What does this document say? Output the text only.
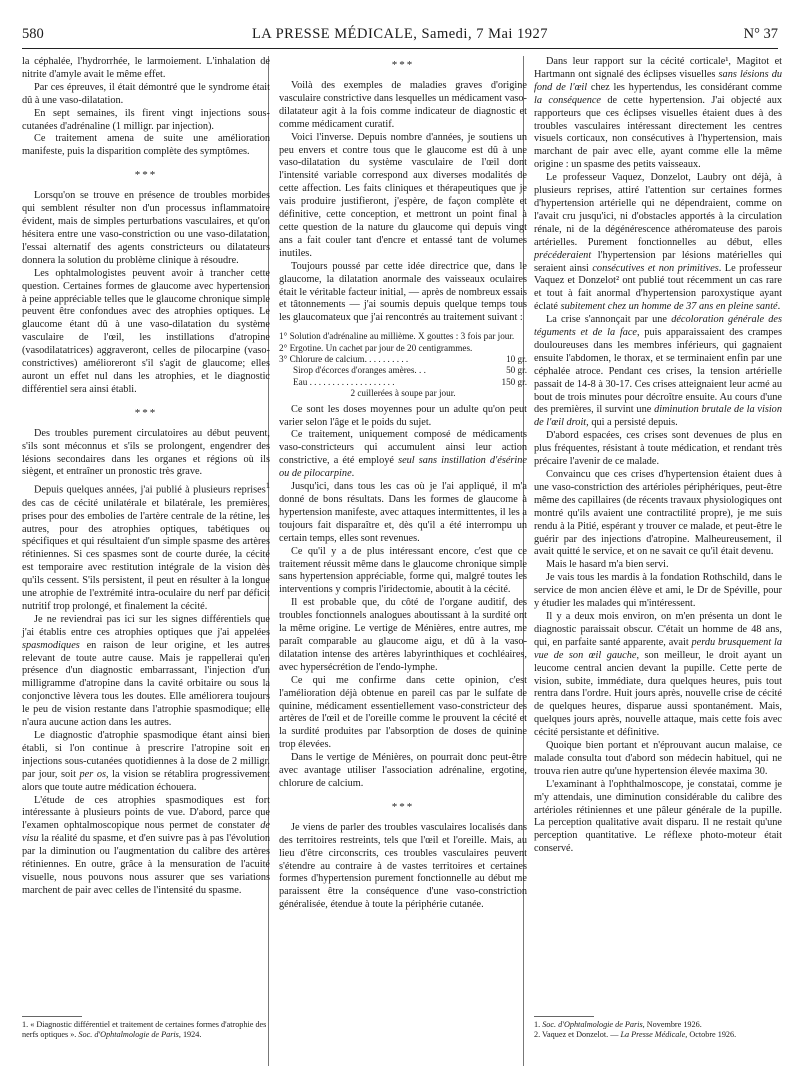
580	LA PRESSE MÉDICALE, Samedi, 7 Mai 1927	N° 37

la céphalée, l'hydrorrhée, le larmoiement. L'inhalation de nitrite d'amyle avait le même effet.

Par ces épreuves, il était démontré que le syndrome était dû à une vaso-dilatation.

En sept semaines, ils firent vingt injections sous-cutanées d'adrénaline (1 milligr. par injection).

Ce traitement amena de suite une amélioration manifeste, puis la disparition complète des symptômes.

***

Lorsqu'on se trouve en présence de troubles morbides qui semblent résulter non d'un processus inflammatoire évident, mais de simples perturbations vasculaires, et qu'on hésitera entre une vaso-constriction ou une vaso-dilatation, l'essai alternatif des agents constricteurs ou dilatateurs donnera la solution du problème clinique à résoudre.

Les ophtalmologistes peuvent avoir à trancher cette question. Certaines formes de glaucome avec hypertension à peine appréciable telles que le glaucome chronique simple peuvent être confondues avec des atrophies optiques. Le glaucome étant dû à une vaso-dilatation du système vasculaire de l'œil, les instillations d'atropine (vasodilatatrices) aggraveront, celles de pilocarpine (vaso-constrictives) amélioreront s'il s'agit de glaucome; elles auront un effet nul dans les atrophies, et le diagnostic différentiel sera ainsi établi.

***

Des troubles purement circulatoires au début peuvent, s'ils sont méconnus et s'ils se prolongent, engendrer des lésions secondaires dans les organes et régions où ils siègent, et entraîner un pronostic très grave.

Depuis quelques années, j'ai publié à plusieurs reprises$^1$ des cas de cécité unilatérale et bilatérale, les premières, prises pour des embolies de l'artère centrale de la rétine, les autres, pour des atrophies optiques, tabétiques ou spécifiques et qui résultaient d'un simple spasme des artères rétiniennes. Si ces spasmes sont de courte durée, la cécité est temporaire avec restitution intégrale de la vision dès qu'ils cessent. S'ils persistent, il peut en résulter à la longue une atrophie de l'extrémité intra-oculaire du nerf par déficit nutritif trop prolongé, et finalement la cécité.

Je ne reviendrai pas ici sur les signes différentiels que j'ai établis entre ces atrophies optiques que j'ai appelées spasmodiques en raison de leur origine, et les autres relevant de toute autre cause. Mais je rappellerai qu'en présence d'un diagnostic embarrassant, l'injection d'un milligramme d'atropine dans la cavité orbitaire ou sous la conjonctive lèvera tous les doutes. Elle améliorera toujours le peu de vision restante dans l'atrophie spasmodique; elle n'aura aucune action dans les autres.

Le diagnostic d'atrophie spasmodique étant ainsi bien établi, si l'on continue à prescrire l'atropine soit en injections sous-cutanées quotidiennes à la dose de 2 milligr. par jour, soit per os, la vision se rétablira progressivement alors que toute autre médication échouera.

L'étude de ces atrophies spasmodiques est fort intéressante à plusieurs points de vue. D'abord, parce que l'examen ophtalmoscopique nous permet de constater de visu la réalité du spasme, et d'en suivre pas à pas l'évolution par la diminution ou l'augmentation du calibre des artères rétiniennes. En outre, grâce à la mensuration de l'acuité visuelle, nous pouvons nous assurer que ses variations marchent de pair avec celles de l'intensité du spasme.

1. « Diagnostic différentiel et traitement de certaines formes d'atrophie des nerfs optiques ». Soc. d'Ophtalmologie de Paris, 1924.
***

Voilà des exemples de maladies graves d'origine vasculaire constrictive dans lesquelles un médicament vaso-dilatateur agit à la fois comme indicateur de diagnostic et comme médicament curatif.

Voici l'inverse. Depuis nombre d'années, je soutiens un peu envers et contre tous que le glaucome est dû à une vaso-dilatation du système vasculaire de l'œil dont l'intensité variable correspond aux diverses modalités de cette affection. Les faits cliniques et thérapeutiques que je vais produire justifieront, j'espère, de façon complète et définitive, cette conception, et mettront un point final à cette question de la nature du glaucome qui depuis vingt ans a fait couler tant d'encre et entassé tant de volumes inutiles.

Toujours poussé par cette idée directrice que, dans le glaucome, la dilatation anormale des vaisseaux oculaires était le véritable facteur initial, — après de nombreux essais et tâtonnements — j'ai soumis depuis quelque temps tous les glaucomateux que j'ai rencontrés au traitement suivant :

1° Solution d'adrénaline au millième. X gouttes : 3 fois par jour.
2° Ergotine. Un cachet par jour de 20 centigrammes.
3° Chlorure de calcium. . . . . . . . . .	10 gr.
Sirop d'écorces d'oranges amères. . .	50 gr.
Eau . . . . . . . . . . . . . . . . . . .	150 gr.
2 cuillerées à soupe par jour.

Ce sont les doses moyennes pour un adulte qu'on peut varier selon l'âge et le poids du sujet.

Ce traitement, uniquement composé de médicaments vaso-constricteurs qui accumulent ainsi leur action constrictive, a été employé seul sans instillation d'ésérine ou de pilocarpine.

Jusqu'ici, dans tous les cas où je l'ai appliqué, il m'a donné de bons résultats. Dans les formes de glaucome à hypertension manifeste, avec attaques intermittentes, il les a toujours fait disparaître et, dès qu'il a été interrompu un certain temps, elles sont revenues.

Ce qu'il y a de plus intéressant encore, c'est que ce traitement réussit même dans le glaucome chronique simple sans hypertension appréciable, forme qui, malgré toutes les interventions y compris l'iridectomie, aboutit à la cécité.

Il est probable que, du côté de l'organe auditif, des troubles fonctionnels analogues aboutissant à la surdité ont la même origine. Le vertige de Ménières, entre autres, me paraît comparable au glaucome aigu, et dû à la vaso-dilatation intense des artères labyrinthiques et cochléaires, avec hypersécrétion de l'endo-lymphe.

Ce qui me confirme dans cette opinion, c'est l'amélioration déjà obtenue en pareil cas par le sulfate de quinine, médicament essentiellement vaso-constricteur des artères de l'œil et de l'oreille comme le prouvent la cécité et la surdité produites par l'absorption de doses de quinine trop élevées.

Dans le vertige de Ménières, on pourrait donc peut-être avec avantage utiliser l'association adrénaline, ergotine, chlorure de calcium.

***

Je viens de parler des troubles vasculaires localisés dans des territoires restreints, tels que l'œil et l'oreille. Mais, au lieu d'être circonscrits, ces troubles vasculaires peuvent s'étendre au contraire à de vastes territoires et certaines formes d'hypertension purement fonctionnelle au début me paraissent être la conséquence d'une vaso-constriction généralisée, étendue à toute la périphérie cutanée.

Dans leur rapport sur la cécité corticale¹, Magitot et Hartmann ont signalé des éclipses visuelles sans lésions du fond de l'œil chez les hypertendus, les considérant comme la conséquence de cette hypertension. J'ai objecté aux rapporteurs que ces éclipses visuelles étaient dues à des troubles vasculaires intéressant directement les centres visuels corticaux, non consécutives à l'hypertension, mais marchant de pair avec elle, ayant comme elle la même origine : un spasme des petits vaisseaux.

Le professeur Vaquez, Donzelot, Laubry ont déjà, à plusieurs reprises, attiré l'attention sur certaines formes d'hypertension artérielle qui ne dépendraient, comme on l'avait cru jusqu'ici, ni d'obstacles apportés à la circulation rénale, ni de la dégénérescence athéromateuse des parois artérielles. Purement fonctionnelles au début, elles précéderaient l'hypertension par lésions matérielles qui seraient ainsi consécutives et non primitives. Le professeur Vaquez et Donzelot² ont publié tout récemment un cas rare et tout à fait anormal d'hypertension paroxystique ayant éclaté subitement chez un homme de 37 ans en pleine santé.

La crise s'annonçait par une décoloration générale des téguments et de la face, puis apparaissaient des crampes douloureuses dans les membres inférieurs, qui gagnaient ensuite l'abdomen, le thorax, et se terminaient enfin par une céphalée atroce. Pendant ces crises, la tension artérielle passait de 14-8 à 30-17. Ces crises atteignaient leur acmé au bout de trois minutes pour décroître ensuite. Au cours d'une des premières, il survint une diminution brutale de la vision de l'œil droit, qui a persisté depuis.

D'abord espacées, ces crises sont devenues de plus en plus fréquentes, résistant à toute médication, et rendant très précaire l'avenir de ce malade.

Convaincu que ces crises d'hypertension étaient dues à une vaso-constriction des artérioles périphériques, peut-être même des capillaires (de récents travaux physiologiques ont montré qu'ils avaient une contractilité propre), je me suis rendu à la Pitié, espérant y trouver ce malade, et peut-être le guérir par des injections d'atropine. Malheureusement, il avait quitté le service, et on ne savait ce qu'il était devenu.

Mais le hasard m'a bien servi.

Je vais tous les mardis à la fondation Rothschild, dans le service de mon ancien élève et ami, le Dr de Spéville, pour y étudier les malades qui m'intéressent.

Il y a deux mois environ, on m'en présenta un dont le diagnostic paraissait obscur. C'était un homme de 48 ans, qui, en parfaite santé apparente, avait perdu brusquement la vue de son œil gauche, son meilleur, le droit ayant un leucome central ancien devant la pupille. Cette perte de vision, subite, immédiate, dura quelques heures, puis tout rentra dans l'ordre. Huit jours après, nouvelle crise de cécité de quelques heures, disparue aussi spontanément. Mais, quelques jours après, nouvelle attaque, mais cette fois avec cécité persistante et définitive.

Quoique bien portant et n'éprouvant aucun malaise, ce malade consulta tout d'abord son médecin habituel, qui ne trouva rien autre qu'une hypertension élevée maxima 30.

L'examinant à l'ophthalmoscope, je constatai, comme je m'y attendais, une diminution considérable du calibre des artérioles rétiniennes et une pâleur générale de la pupille. La perception qualitative avait disparu. Il ne restait qu'une perception quantitative. Le réflexe photo-moteur était conservé.

1. Soc. d'Ophtalmologie de Paris, Novembre 1926.
2. Vaquez et Donzelot. — La Presse Médicale, Octobre 1926.
